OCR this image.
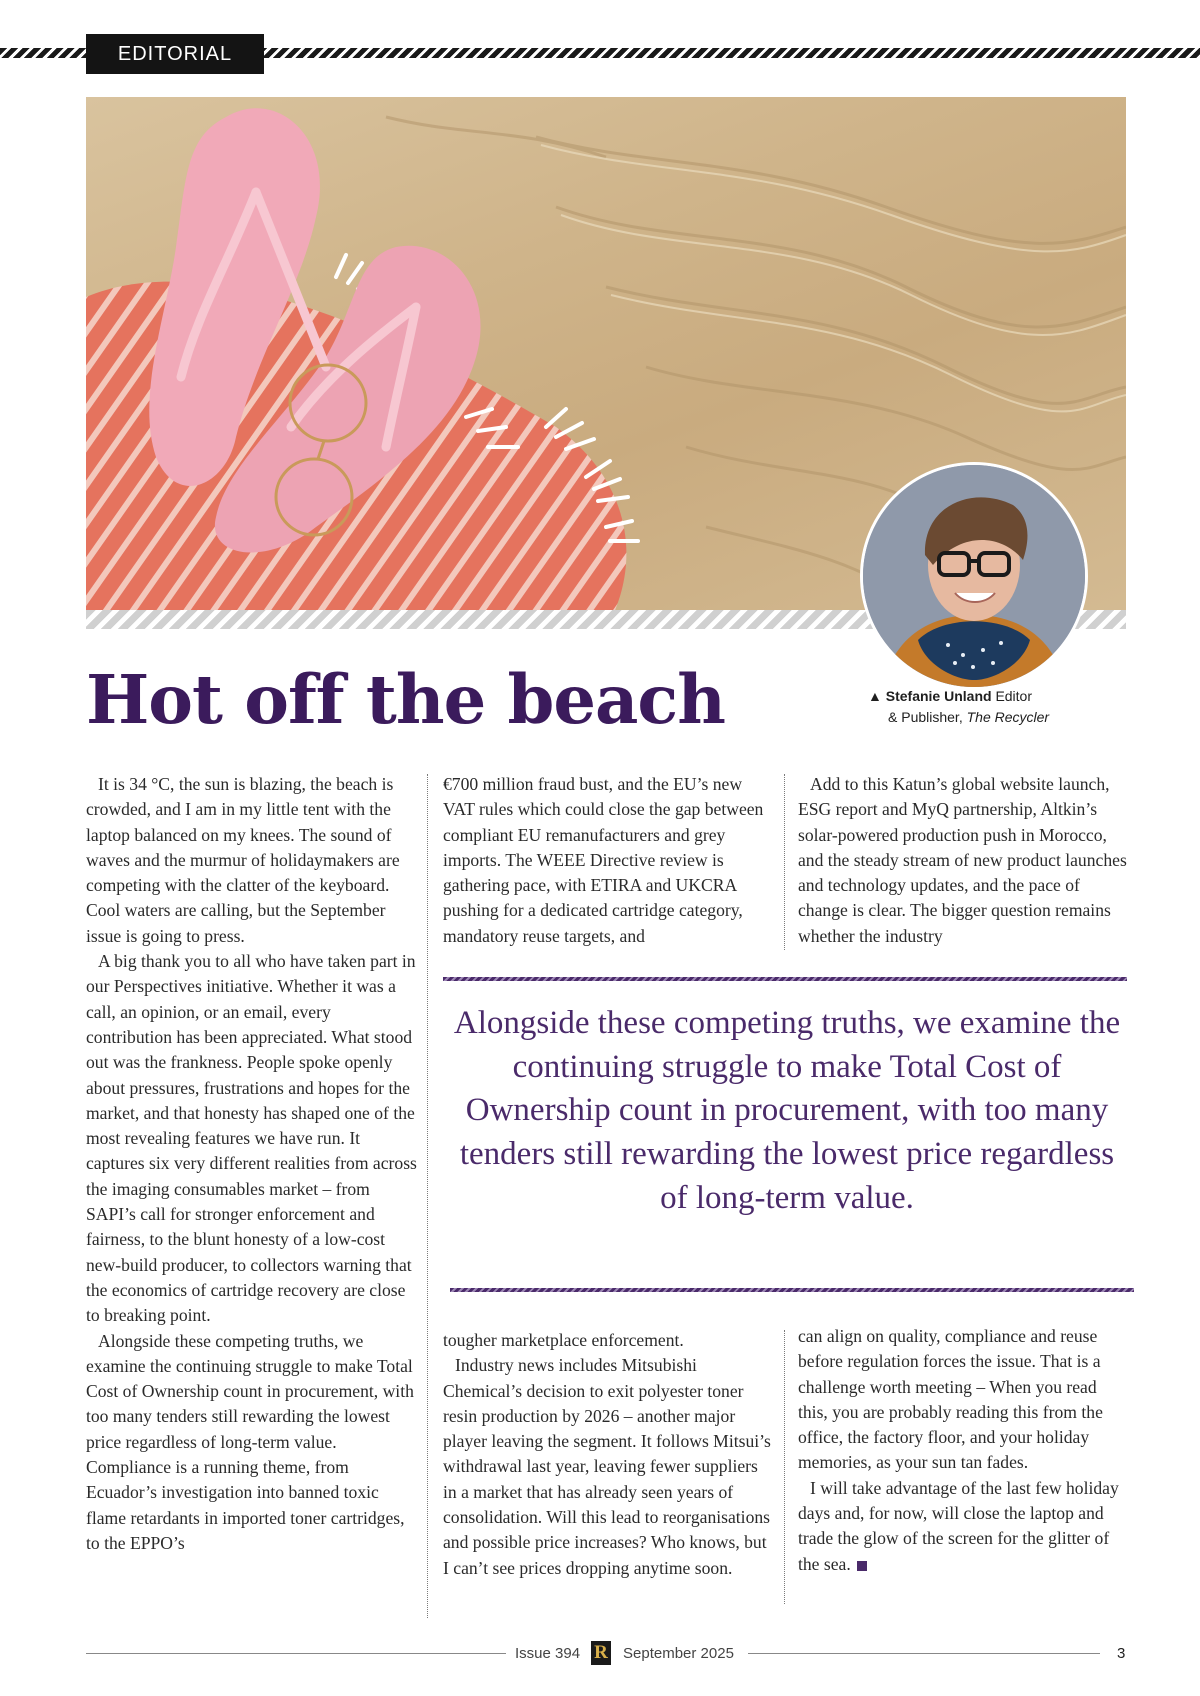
EDITORIAL
▲ Stefanie Unland Editor
& Publisher, The Recycler
Hot off the beach

It is 34 °C, the sun is blazing, the beach is crowded, and I am in my little tent with the laptop balanced on my knees. The sound of waves and the murmur of holidaymakers are competing with the clatter of the keyboard. Cool waters are calling, but the September issue is going to press.

A big thank you to all who have taken part in our Perspectives initiative. Whether it was a call, an opinion, or an email, every contribution has been appreciated. What stood out was the frankness. People spoke openly about pressures, frustrations and hopes for the market, and that honesty has shaped one of the most revealing features we have run. It captures six very different realities from across the imaging consumables market – from SAPI’s call for stronger enforcement and fairness, to the blunt honesty of a low-cost new-build producer, to collectors warning that the economics of cartridge recovery are close to breaking point.

Alongside these competing truths, we examine the continuing struggle to make Total Cost of Ownership count in procurement, with too many tenders still rewarding the lowest price regardless of long-term value. Compliance is a running theme, from Ecuador’s investigation into banned toxic flame retardants in imported toner cartridges, to the EPPO’s

€700 million fraud bust, and the EU’s new VAT rules which could close the gap between compliant EU remanufacturers and grey imports. The WEEE Directive review is gathering pace, with ETIRA and UKCRA pushing for a dedicated cartridge category, mandatory reuse targets, and

Add to this Katun’s global website launch, ESG report and MyQ partnership, Altkin’s solar-powered production push in Morocco, and the steady stream of new product launches and technology updates, and the pace of change is clear. The bigger question remains whether the industry

Alongside these competing truths, we examine the continuing struggle to make Total Cost of Ownership count in procurement, with too many tenders still rewarding the lowest price regardless of long-term value.

tougher marketplace enforcement.

Industry news includes Mitsubishi Chemical’s decision to exit polyester toner resin production by 2026 – another major player leaving the segment. It follows Mitsui’s withdrawal last year, leaving fewer suppliers in a market that has already seen years of consolidation. Will this lead to reorganisations and possible price increases? Who knows, but I can’t see prices dropping anytime soon.

can align on quality, compliance and reuse before regulation forces the issue. That is a challenge worth meeting – When you read this, you are probably reading this from the office, the factory floor, and your holiday memories, as your sun tan fades.

I will take advantage of the last few holiday days and, for now, will close the laptop and trade the glow of the screen for the glitter of the sea.

Issue 394 R September 2025	3
